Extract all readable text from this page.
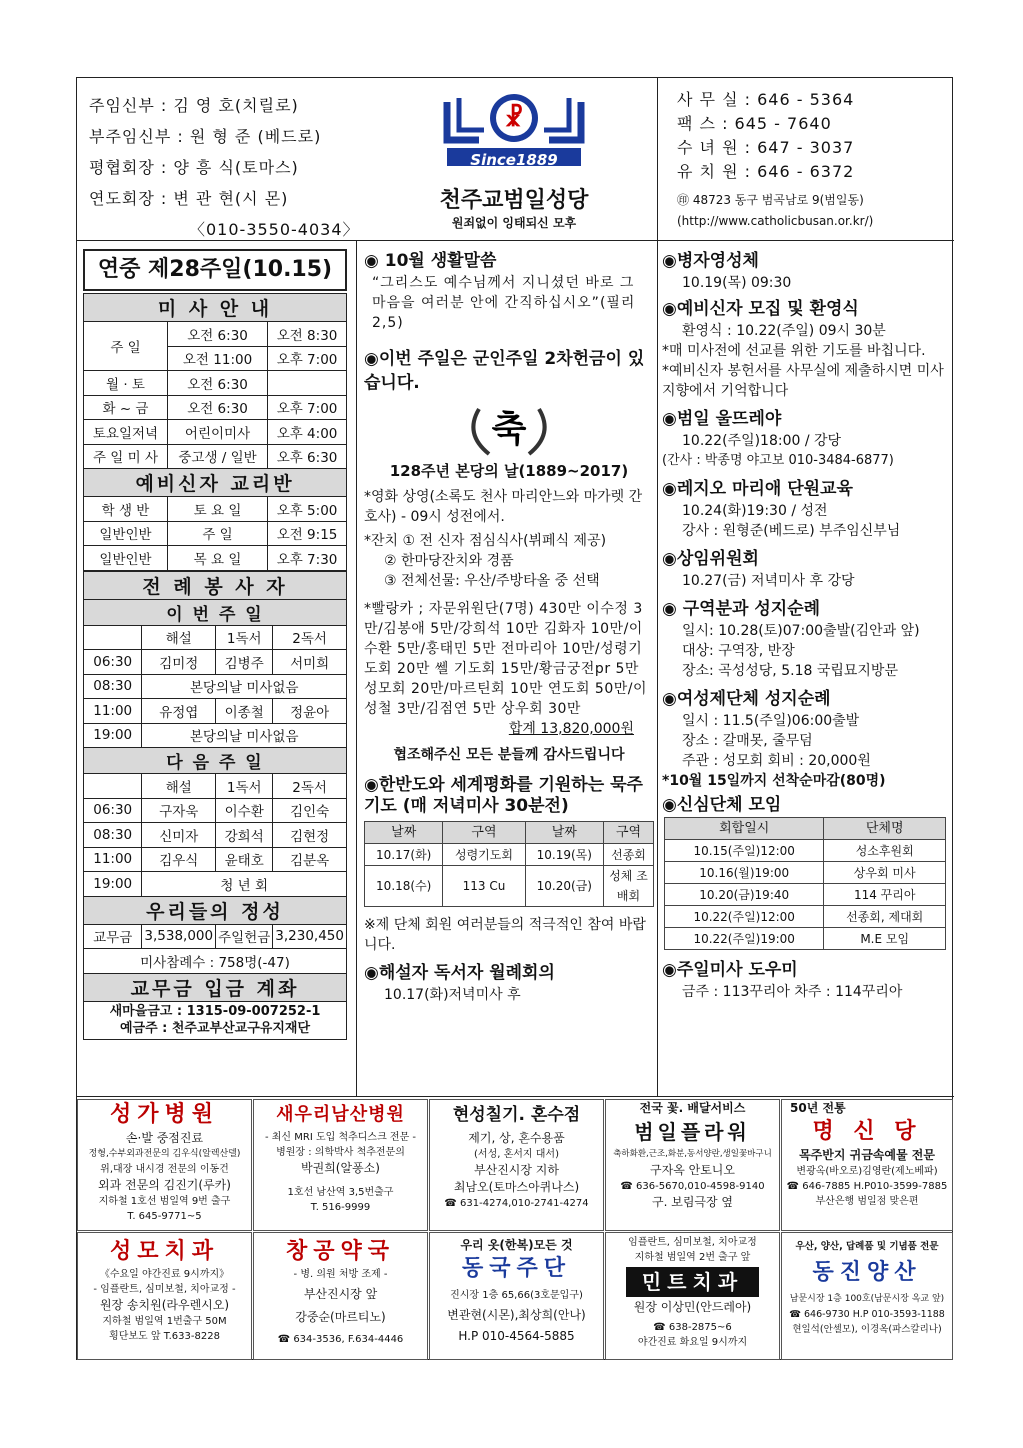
주임신부 : 김 영 호(치릴로)
부주임신부 : 원 형 준 (베드로)
평협회장 : 양 흥 식(토마스)
연도회장 : 변 관 현(시 몬)
〈010-3550-4034〉
☧
Since1889
천주교범일성당
원죄없이 잉태되신 모후
사 무 실 : 646 - 5364
팩 스 : 645 - 7640
수 녀 원 : 647 - 3037
유 치 원 : 646 - 6372
㊞ 48723 동구 범곡남로 9(범일동)
(http://www.catholicbusan.or.kr/)
연중 제28주일(10.15)
미 사 안 내		
주 일	오전 6:30	오전 8:30
	오전 11:00	오후 7:00
월 · 토	오전 6:30	
화 ~ 금	오전 6:30	오후 7:00
토요일저녁	어린이미사	오후 4:00
주 일 미 사	중고생 / 일반	오후 6:30
예비신자 교리반		
학 생 반	토 요 일	오후 5:00
일반인반	주 일	오전 9:15
일반인반	목 요 일	오후 7:30
전 례 봉 사 자			
이 번 주 일			
	해설	1독서	2독서
06:30	김미정	김병주	서미희
08:30	본당의날 미사없음		
11:00	유정엽	이종철	정윤아
19:00	본당의날 미사없음		
다 음 주 일			
	해설	1독서	2독서
06:30	구자욱	이수환	김인숙
08:30	신미자	강희석	김현정
11:00	김우식	윤태호	김분옥
19:00	청 년 회		
우리들의 정성			
교무금	3,538,000	주일헌금	3,230,450
미사참례수 : 758명(-47)			
교무금 입금 계좌			

새마을금고 : 1315-09-007252-1
예금주 : 천주교부산교구유지재단			
◉ 10월 생활말씀
“그리스도 예수님께서 지니셨던 바로 그 마음을 여러분 안에 간직하십시오”(필리 2,5)
◉이번 주일은 군인주일 2차헌금이 있습니다.
축
128주년 본당의 날(1889~2017)
*영화 상영(소록도 천사 마리안느와 마가렛 간호사) - 09시 성전에서.
*잔치 ① 전 신자 점심식사(뷔페식 제공)
② 한마당잔치와 경품
③ 전체선물: 우산/주방타올 중 선택
*빨랑카 ; 자문위원단(7명) 430만 이수정 3만/김봉애 5만/강희석 10만 김화자 10만/이수환 5만/홍태민 5만 전마리아 10만/성령기도회 20만 쎌 기도회 15만/황금궁전pr 5만 성모회 20만/마르틴회 10만 연도회 50만/이성철 3만/김점연 5만 상우회 30만
합계 13,820,000원
협조해주신 모든 분들께 감사드립니다
◉한반도와 세계평화를 기원하는 묵주기도 (매 저녁미사 30분전)
날짜	구역	날짜	구역
10.17(화)	성령기도회	10.19(목)	선종회
10.18(수)	113 Cu	10.20(금)	성체 조배회
※제 단체 회원 여러분들의 적극적인 참여 바랍니다.
◉해설자 독서자 월례회의
10.17(화)저녁미사 후
◉병자영성체
10.19(목) 09:30
◉예비신자 모집 및 환영식
환영식 : 10.22(주일) 09시 30분
*매 미사전에 선교를 위한 기도를 바칩니다.
*예비신자 봉헌서를 사무실에 제출하시면 미사지향에서 기억합니다
◉범일 울뜨레야
10.22(주일)18:00 / 강당
(간사 : 박종명 야고보 010-3484-6877)
◉레지오 마리애 단원교육
10.24(화)19:30 / 성전
강사 : 원형준(베드로) 부주임신부님
◉상임위원회
10.27(금) 저녁미사 후 강당
◉ 구역분과 성지순례
일시: 10.28(토)07:00출발(김안과 앞)
대상: 구역장, 반장
장소: 곡성성당, 5.18 국립묘지방문
◉여성제단체 성지순례
일시 : 11.5(주일)06:00출발
장소 : 갈매못, 줄무덤
주관 : 성모회 회비 : 20,000원
*10월 15일까지 선착순마감(80명)
◉신심단체 모임
회합일시	단체명
10.15(주일)12:00	성소후원회
10.16(월)19:00	상우회 미사
10.20(금)19:40	114 꾸리아
10.22(주일)12:00	선종회, 제대회
10.22(주일)19:00	M.E 모임
◉주일미사 도우미
금주 : 113꾸리아 차주 : 114꾸리아
성가병원
손·발 중점진료
정형,수부외과전문의 김우식(알렉산델)
위,대장 내시경 전문의 이동건
외과 전문의 김진기(루카)
지하철 1호선 범일역 9번 출구
T. 645-9771~5
새우리남산병원
- 최신 MRI 도입 척추디스크 전문 -
병원장 : 의학박사 척추전문의
박권희(알퐁소)
1호선 남산역 3,5번출구
T. 516-9999
현성칠기. 혼수점
제기, 상, 혼수용품
(서성, 혼서지 대서)
부산진시장 지하
최남오(토마스아퀴나스)
☎ 631-4274,010-2741-4274
전국 꽃. 배달서비스
범일플라워
축하화환,근조,화분,동서양란,생일꽃바구니
구자옥 안토니오
☎ 636-5670,010-4598-9140
구. 보림극장 옆
50년 전통
명 신 당
목주반지 귀금속예물 전문
변광옥(바오로)김영란(제노베파)
☎ 646-7885 H.P010-3599-7885
부산은행 범일점 맞은편
성모치과
《수요일 야간진료 9시까지》
- 임플란트, 심미보철, 치아교정 -
원장 송치원(라우렌시오)
지하철 범일역 1번출구 50M
횡단보도 앞 T.633-8228
창공약국
- 병. 의원 처방 조제 -
부산진시장 앞
강중순(마르티노)
☎ 634-3536, F.634-4446
우리 옷(한복)모든 것
동국주단
진시장 1층 65,66(3호문입구)
변관현(시몬),최상희(안나)
H.P 010-4564-5885
임플란트, 심미보철, 치아교정
지하철 범일역 2번 출구 앞
민트치과
원장 이상민(안드레아)
☎ 638-2875~6
야간진료 화요일 9시까지
우산, 양산, 답례품 및 기념품 전문
동진양산
남문시장 1층 100호(남문시장 옥교 앞)
☎ 646-9730 H.P 010-3593-1188
현일석(안셀모), 이경옥(파스칼리나)
